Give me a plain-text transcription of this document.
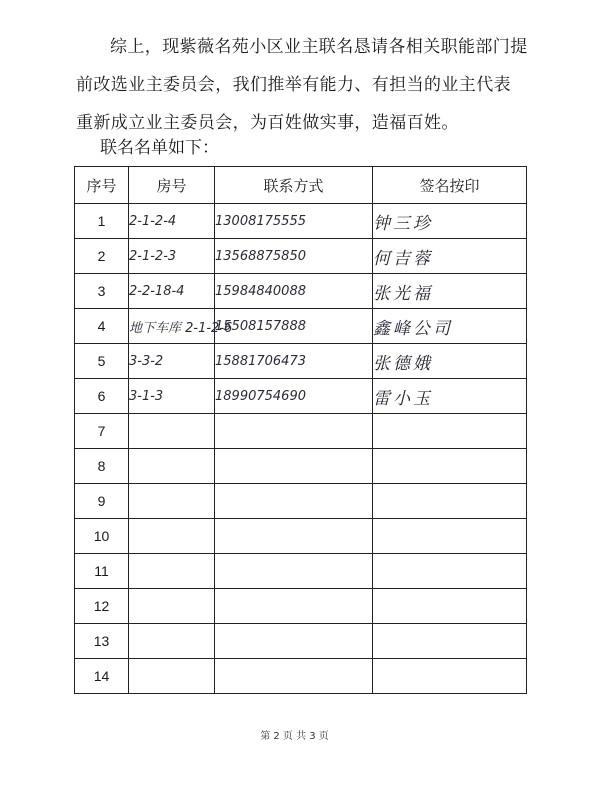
综上，现紫薇名苑小区业主联名恳请各相关职能部门提前改选业主委员会，我们推举有能力、有担当的业主代表重新成立业主委员会，为百姓做实事，造福百姓。

联名名单如下：

序号	房号	联系方式	签名按印
1	2-1-2-4	13008175555	钟三珍
2	2-1-2-3	13568875850	何吉蓉
3	2-2-18-4	15984840088	张光福
4	地下车库 2-1-2-6	15508157888	鑫峰公司
5	3-3-2	15881706473	张德娥
6	3-1-3	18990754690	雷小玉
7			
8			
9			
10			
11			
12			
13			
14			
第 2 页 共 3 页
